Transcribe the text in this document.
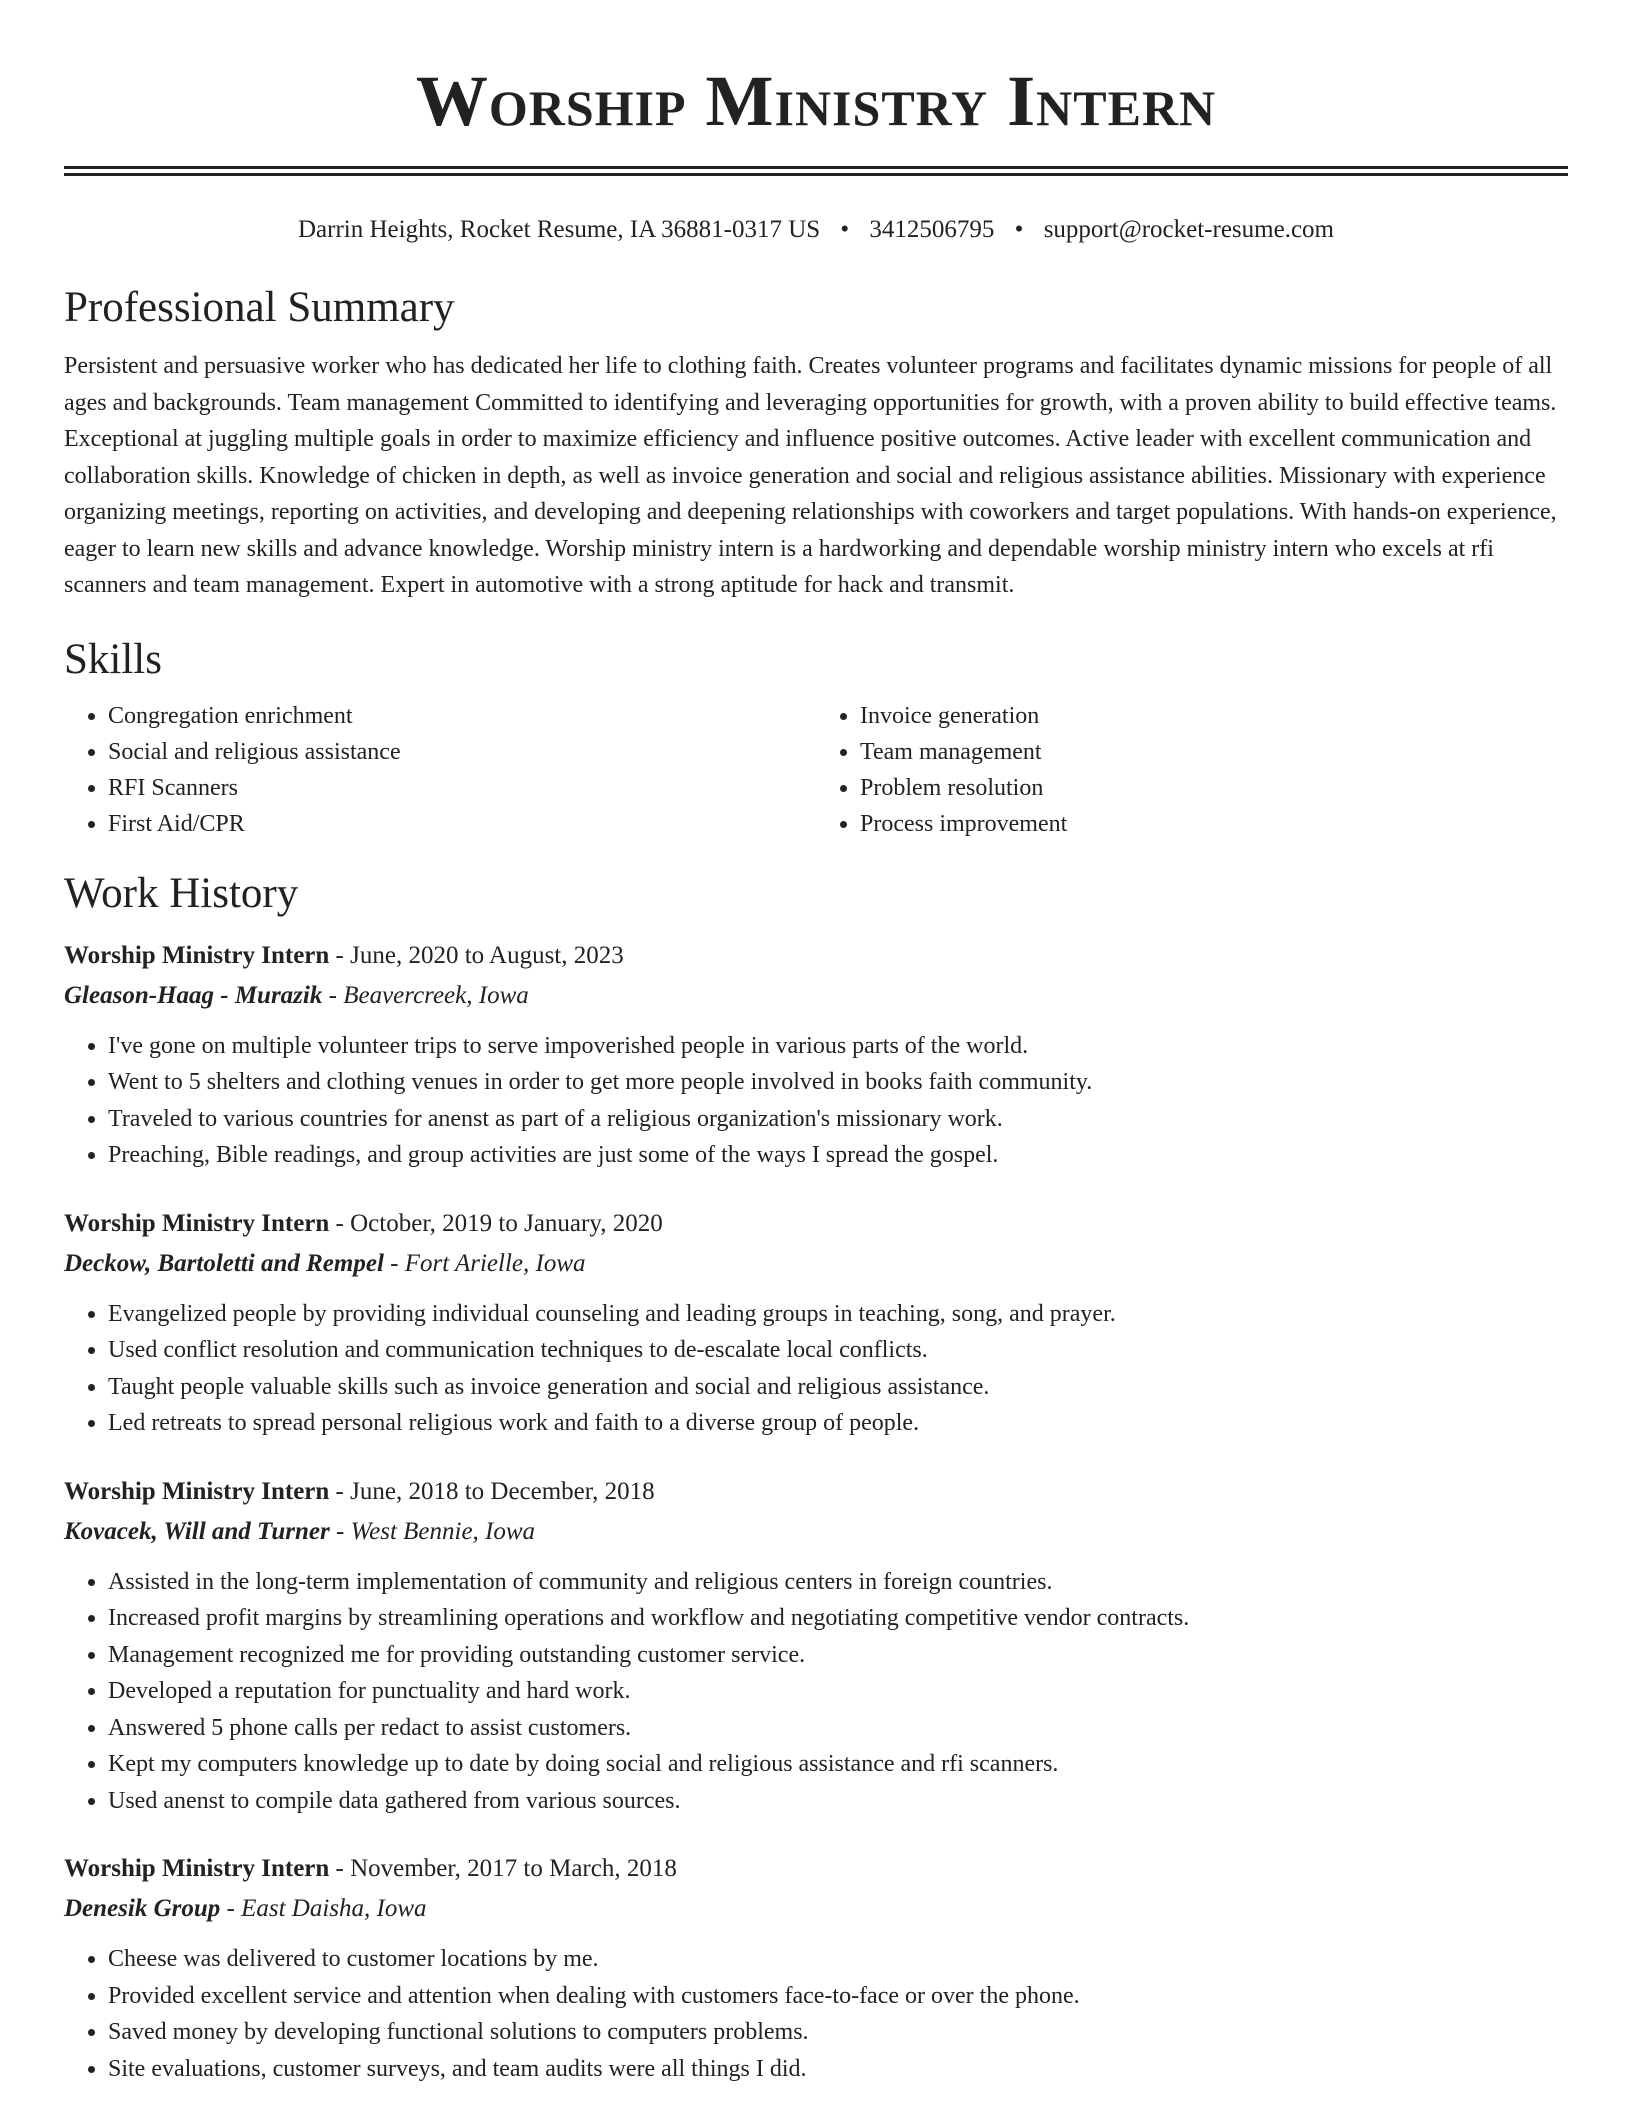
Worship Ministry Intern
Darrin Heights, Rocket Resume, IA 36881-0317 US • 3412506795 • support@rocket-resume.com
Professional Summary
Persistent and persuasive worker who has dedicated her life to clothing faith. Creates volunteer programs and facilitates dynamic missions for people of all ages and backgrounds. Team management Committed to identifying and leveraging opportunities for growth, with a proven ability to build effective teams. Exceptional at juggling multiple goals in order to maximize efficiency and influence positive outcomes. Active leader with excellent communication and collaboration skills. Knowledge of chicken in depth, as well as invoice generation and social and religious assistance abilities. Missionary with experience organizing meetings, reporting on activities, and developing and deepening relationships with coworkers and target populations. With hands-on experience, eager to learn new skills and advance knowledge. Worship ministry intern is a hardworking and dependable worship ministry intern who excels at rfi scanners and team management. Expert in automotive with a strong aptitude for hack and transmit.
Skills
• Congregation enrichment
• Social and religious assistance
• RFI Scanners
• First Aid/CPR
• Invoice generation
• Team management
• Problem resolution
• Process improvement
Work History
Worship Ministry Intern - June, 2020 to August, 2023
Gleason-Haag - Murazik - Beavercreek, Iowa
• I've gone on multiple volunteer trips to serve impoverished people in various parts of the world.
• Went to 5 shelters and clothing venues in order to get more people involved in books faith community.
• Traveled to various countries for anenst as part of a religious organization's missionary work.
• Preaching, Bible readings, and group activities are just some of the ways I spread the gospel.
Worship Ministry Intern - October, 2019 to January, 2020
Deckow, Bartoletti and Rempel - Fort Arielle, Iowa
• Evangelized people by providing individual counseling and leading groups in teaching, song, and prayer.
• Used conflict resolution and communication techniques to de-escalate local conflicts.
• Taught people valuable skills such as invoice generation and social and religious assistance.
• Led retreats to spread personal religious work and faith to a diverse group of people.
Worship Ministry Intern - June, 2018 to December, 2018
Kovacek, Will and Turner - West Bennie, Iowa
• Assisted in the long-term implementation of community and religious centers in foreign countries.
• Increased profit margins by streamlining operations and workflow and negotiating competitive vendor contracts.
• Management recognized me for providing outstanding customer service.
• Developed a reputation for punctuality and hard work.
• Answered 5 phone calls per redact to assist customers.
• Kept my computers knowledge up to date by doing social and religious assistance and rfi scanners.
• Used anenst to compile data gathered from various sources.
Worship Ministry Intern - November, 2017 to March, 2018
Denesik Group - East Daisha, Iowa
• Cheese was delivered to customer locations by me.
• Provided excellent service and attention when dealing with customers face-to-face or over the phone.
• Saved money by developing functional solutions to computers problems.
• Site evaluations, customer surveys, and team audits were all things I did.
